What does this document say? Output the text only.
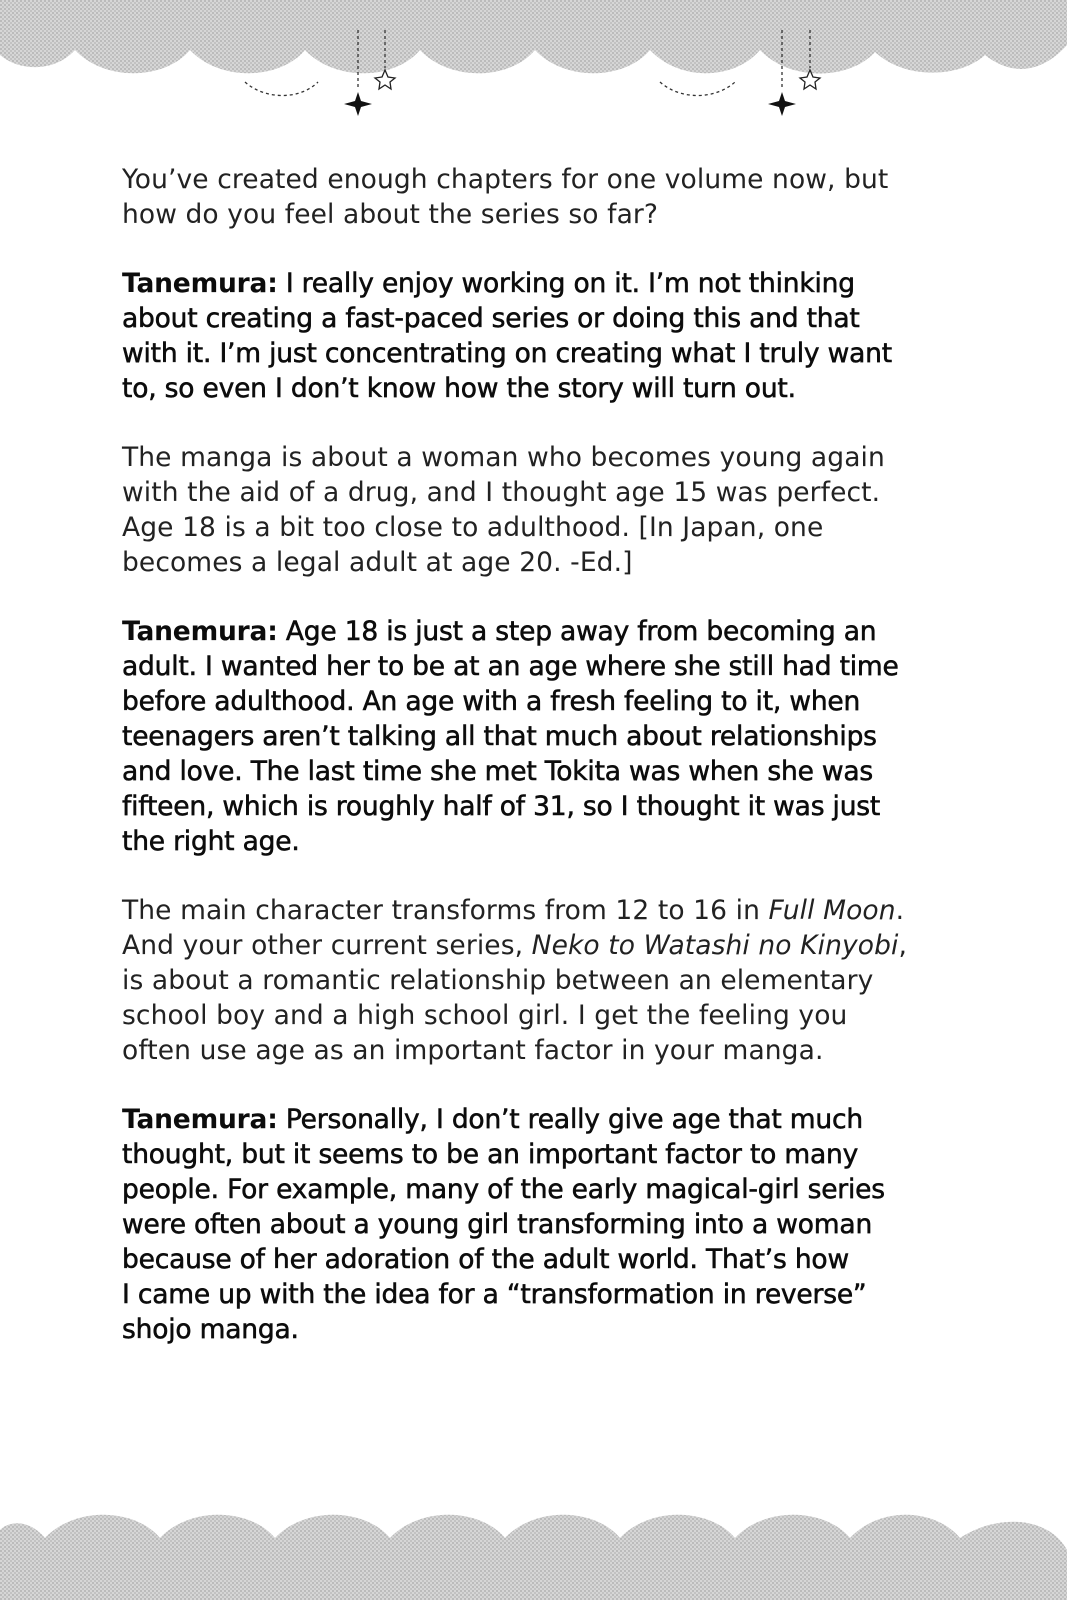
You’ve created enough chapters for one volume now, but
how do you feel about the series so far?

Tanemura: I really enjoy working on it. I’m not thinking
about creating a fast-paced series or doing this and that
with it. I’m just concentrating on creating what I truly want
to, so even I don’t know how the story will turn out.

The manga is about a woman who becomes young again
with the aid of a drug, and I thought age 15 was perfect.
Age 18 is a bit too close to adulthood. [In Japan, one
becomes a legal adult at age 20. -Ed.]

Tanemura: Age 18 is just a step away from becoming an
adult. I wanted her to be at an age where she still had time
before adulthood. An age with a fresh feeling to it, when
teenagers aren’t talking all that much about relationships
and love. The last time she met Tokita was when she was
fifteen, which is roughly half of 31, so I thought it was just
the right age.

The main character transforms from 12 to 16 in Full Moon.
And your other current series, Neko to Watashi no Kinyobi,
is about a romantic relationship between an elementary
school boy and a high school girl. I get the feeling you
often use age as an important factor in your manga.

Tanemura: Personally, I don’t really give age that much
thought, but it seems to be an important factor to many
people. For example, many of the early magical-girl series
were often about a young girl transforming into a woman
because of her adoration of the adult world. That’s how
I came up with the idea for a “transformation in reverse”
shojo manga.
